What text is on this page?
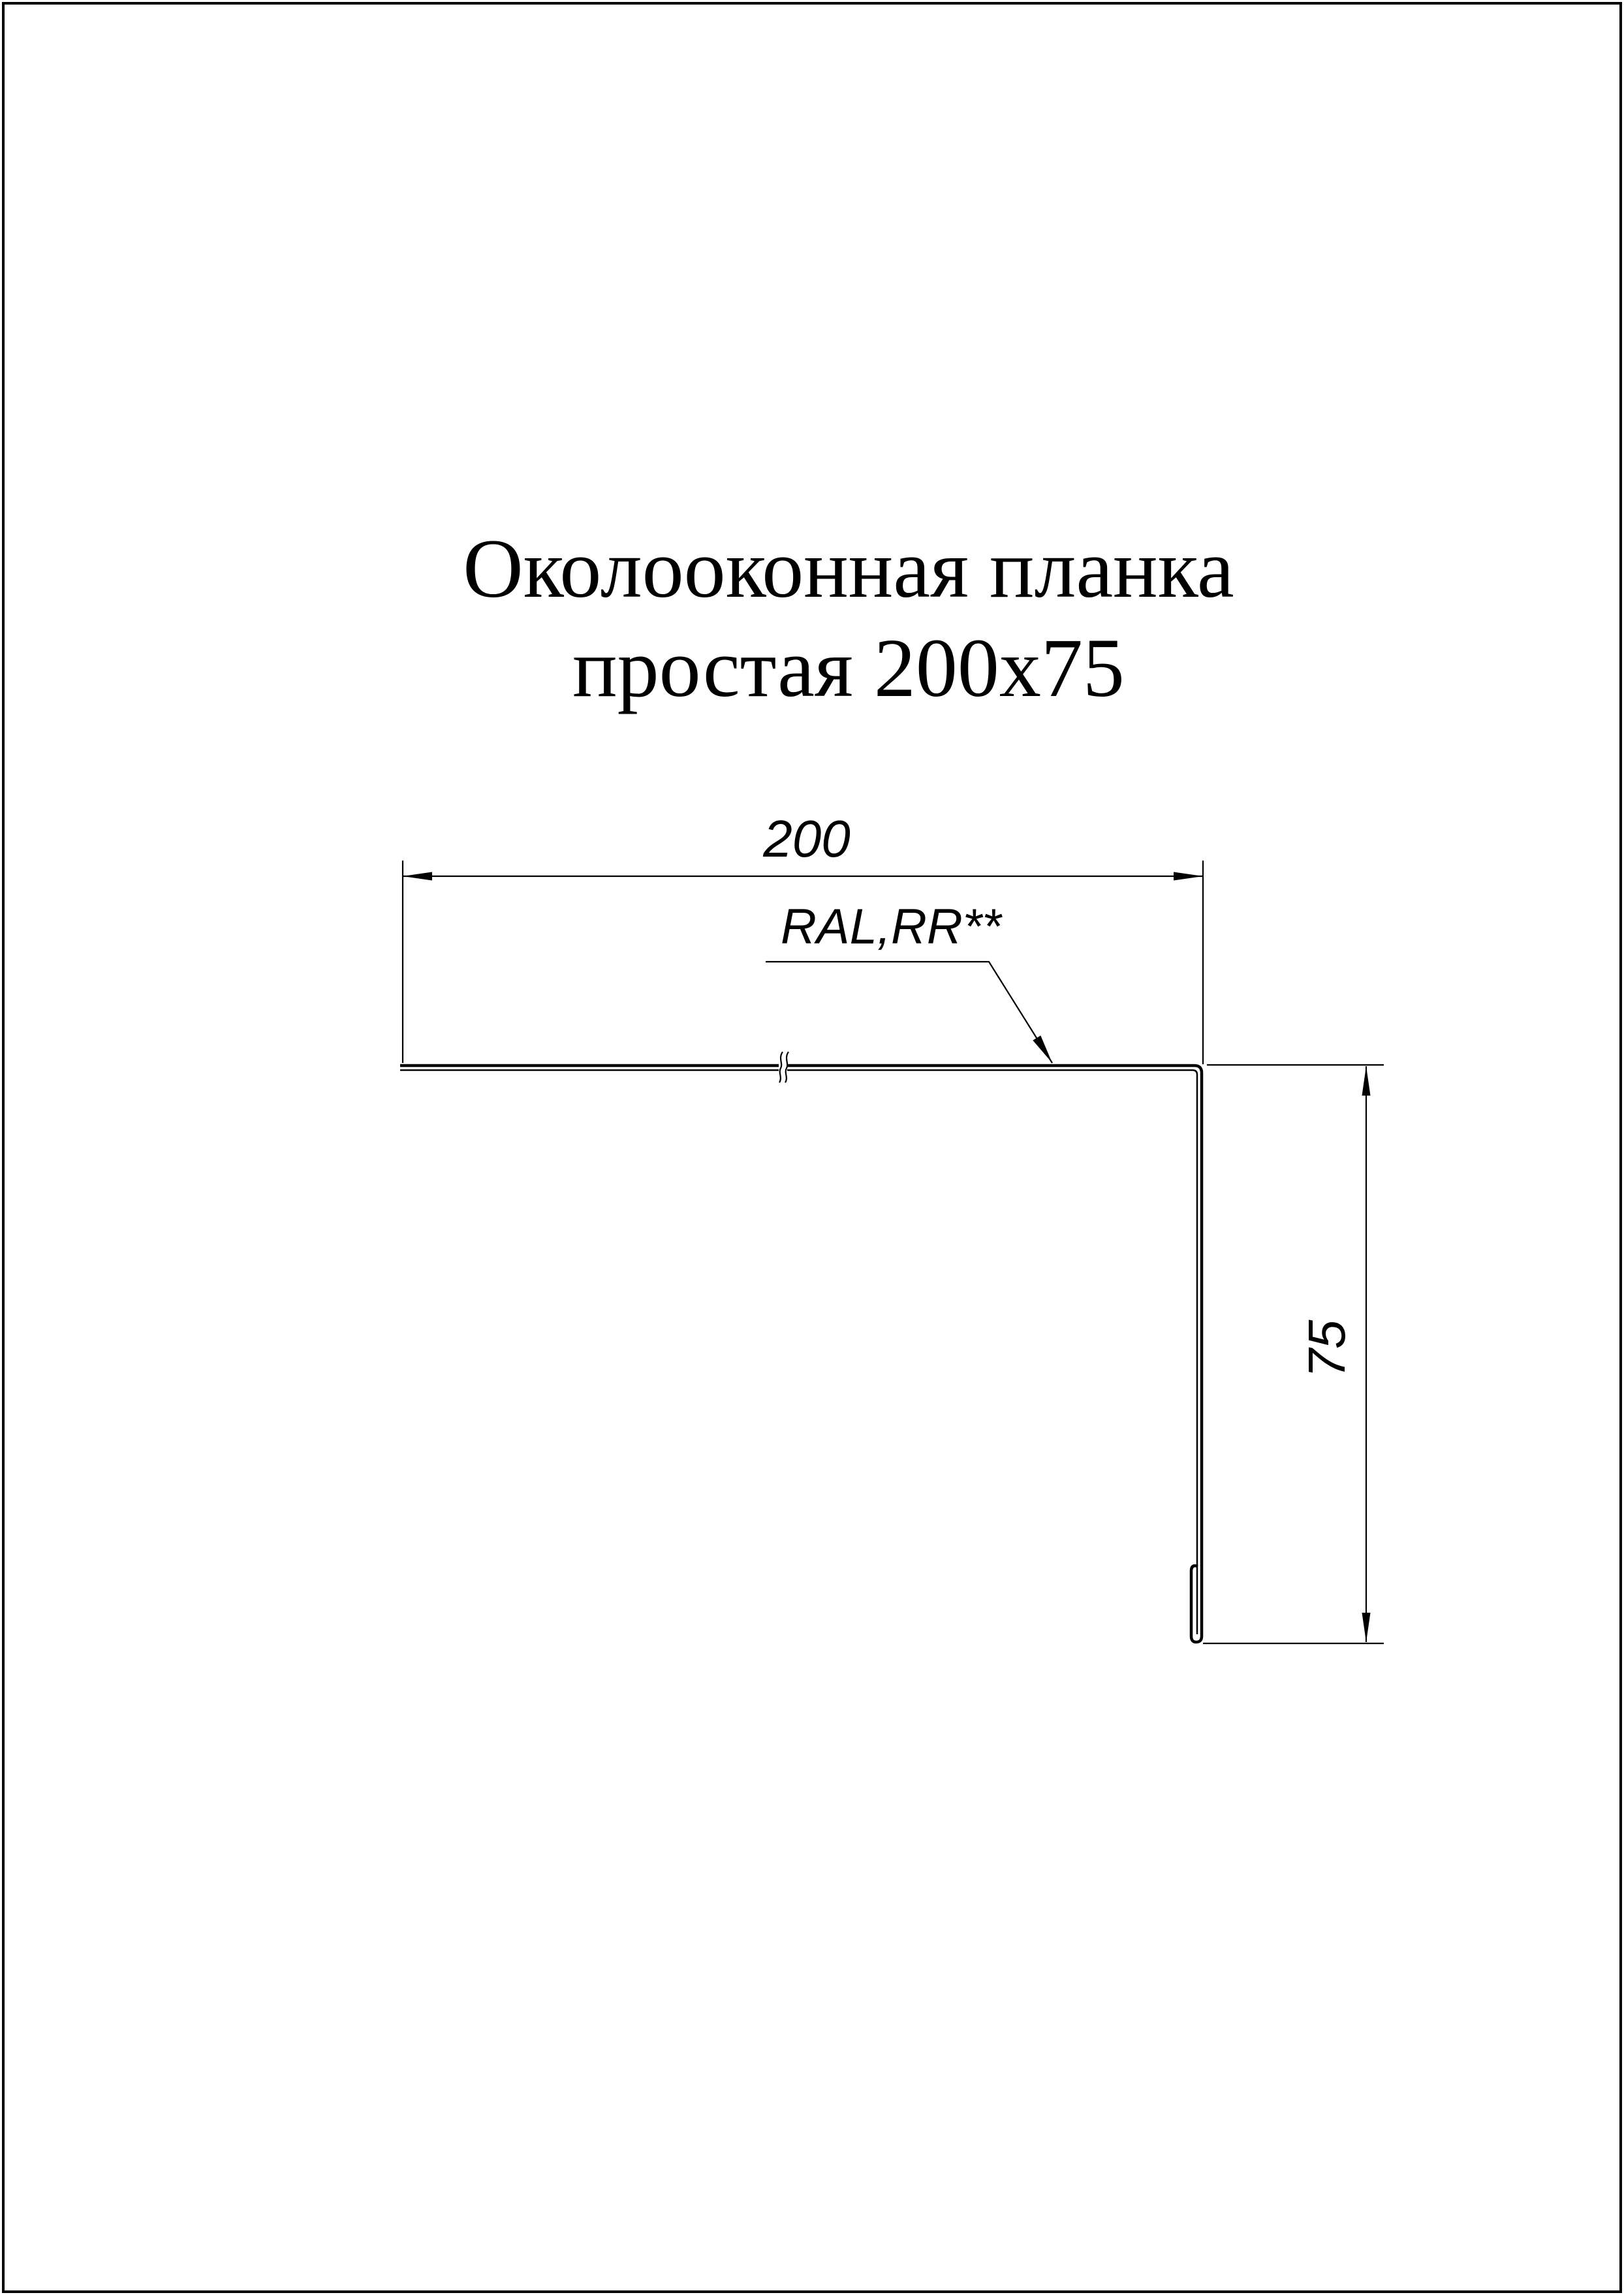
Околооконная планка
простая 200х75
200
75
RAL,RR**
